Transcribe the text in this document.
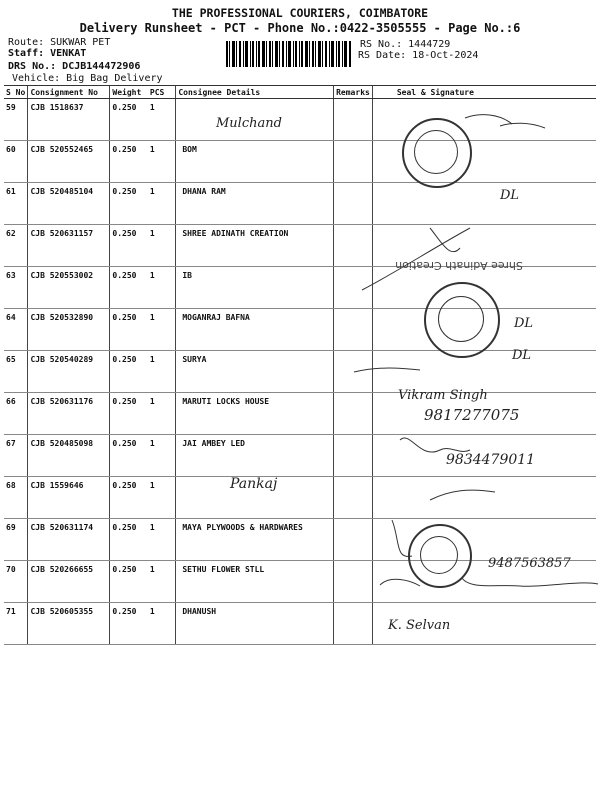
THE PROFESSIONAL COURIERS, COIMBATORE
Delivery Runsheet - PCT - Phone No.:0422-3505555 - Page No.:6
Route: SUKWAR PET
Staff: VENKAT
DRS No.: DCJB144472906
Vehicle: Big Bag Delivery
RS No.: 1444729
RS Date: 18-Oct-2024
S No	Consignment No	Weight	PCS	Consignee Details	Remarks	Seal & Signature
59	CJB 1518637	0.250	1			
60	CJB 520552465	0.250	1	BOM		
61	CJB 520485104	0.250	1	DHANA RAM		
62	CJB 520631157	0.250	1	SHREE ADINATH CREATION		
63	CJB 520553002	0.250	1	IB		
64	CJB 520532890	0.250	1	MOGANRAJ BAFNA		
65	CJB 520540289	0.250	1	SURYA		
66	CJB 520631176	0.250	1	MARUTI LOCKS HOUSE		
67	CJB 520485098	0.250	1	JAI AMBEY LED		
68	CJB 1559646	0.250	1			
69	CJB 520631174	0.250	1	MAYA PLYWOODS & HARDWARES		
70	CJB 520266655	0.250	1	SETHU FLOWER STLL		
71	CJB 520605355	0.250	1	DHANUSH		
Shree Adinath Creation
Mulchand
Pankaj
DL
DL
DL
Vikram Singh
9817277075
9834479011
9487563857
K. Selvan
